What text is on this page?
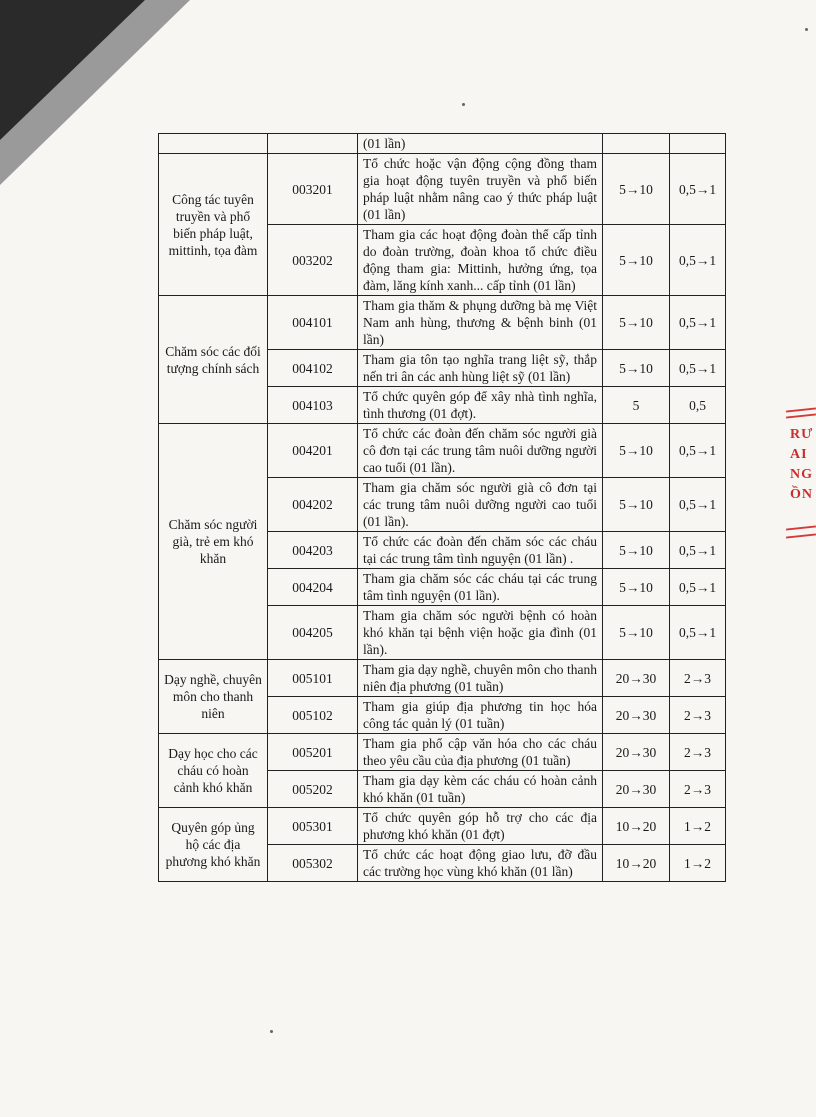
RƯ
AI
NG
ỒN
		(01 lần)		
Công tác tuyên truyền và phổ biến pháp luật, mittinh, tọa đàm	003201	Tổ chức hoặc vận động cộng đồng tham gia hoạt động tuyên truyền và phổ biến pháp luật nhằm nâng cao ý thức pháp luật (01 lần)	5→10	0,5→1
	003202	Tham gia các hoạt động đoàn thể cấp tỉnh do đoàn trường, đoàn khoa tổ chức điều động tham gia: Mittinh, hưởng ứng, tọa đàm, lăng kính xanh... cấp tỉnh (01 lần)	5→10	0,5→1
Chăm sóc các đối tượng chính sách	004101	Tham gia thăm & phụng dưỡng bà mẹ Việt Nam anh hùng, thương & bệnh binh (01 lần)	5→10	0,5→1
	004102	Tham gia tôn tạo nghĩa trang liệt sỹ, thắp nến tri ân các anh hùng liệt sỹ (01 lần)	5→10	0,5→1
	004103	Tổ chức quyên góp để xây nhà tình nghĩa, tình thương (01 đợt).	5	0,5
Chăm sóc người già, trẻ em khó khăn	004201	Tổ chức các đoàn đến chăm sóc người già cô đơn tại các trung tâm nuôi dưỡng người cao tuổi (01 lần).	5→10	0,5→1
	004202	Tham gia chăm sóc người già cô đơn tại các trung tâm nuôi dưỡng người cao tuổi (01 lần).	5→10	0,5→1
	004203	Tổ chức các đoàn đến chăm sóc các cháu tại các trung tâm tình nguyện (01 lần) .	5→10	0,5→1
	004204	Tham gia chăm sóc các cháu tại các trung tâm tình nguyện (01 lần).	5→10	0,5→1
	004205	Tham gia chăm sóc người bệnh có hoàn khó khăn tại bệnh viện hoặc gia đình (01 lần).	5→10	0,5→1
Dạy nghề, chuyên môn cho thanh niên	005101	Tham gia dạy nghề, chuyên môn cho thanh niên địa phương (01 tuần)	20→30	2→3
	005102	Tham gia giúp địa phương tin học hóa công tác quản lý (01 tuần)	20→30	2→3
Dạy học cho các cháu có hoàn cảnh khó khăn	005201	Tham gia phổ cập văn hóa cho các cháu theo yêu cầu của địa phương (01 tuần)	20→30	2→3
	005202	Tham gia dạy kèm các cháu có hoàn cảnh khó khăn (01 tuần)	20→30	2→3
Quyên góp ủng hộ các địa phương khó khăn	005301	Tổ chức quyên góp hỗ trợ cho các địa phương khó khăn (01 đợt)	10→20	1→2
	005302	Tổ chức các hoạt động giao lưu, đỡ đầu các trường học vùng khó khăn (01 lần)	10→20	1→2
